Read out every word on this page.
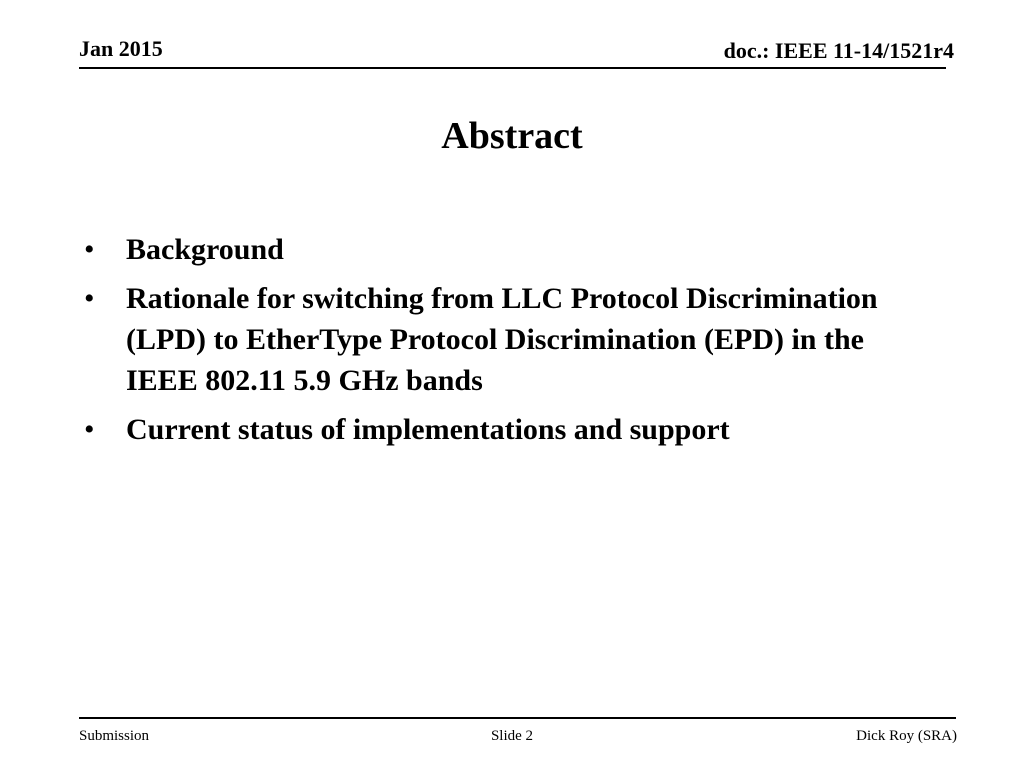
Jan 2015	doc.: IEEE 11-14/1521r4
Abstract
• Background
• Rationale for switching from LLC Protocol Discrimination (LPD) to EtherType Protocol Discrimination (EPD) in the IEEE 802.11 5.9 GHz bands
• Current status of implementations and support
Submission	Slide 2	Dick Roy (SRA)
